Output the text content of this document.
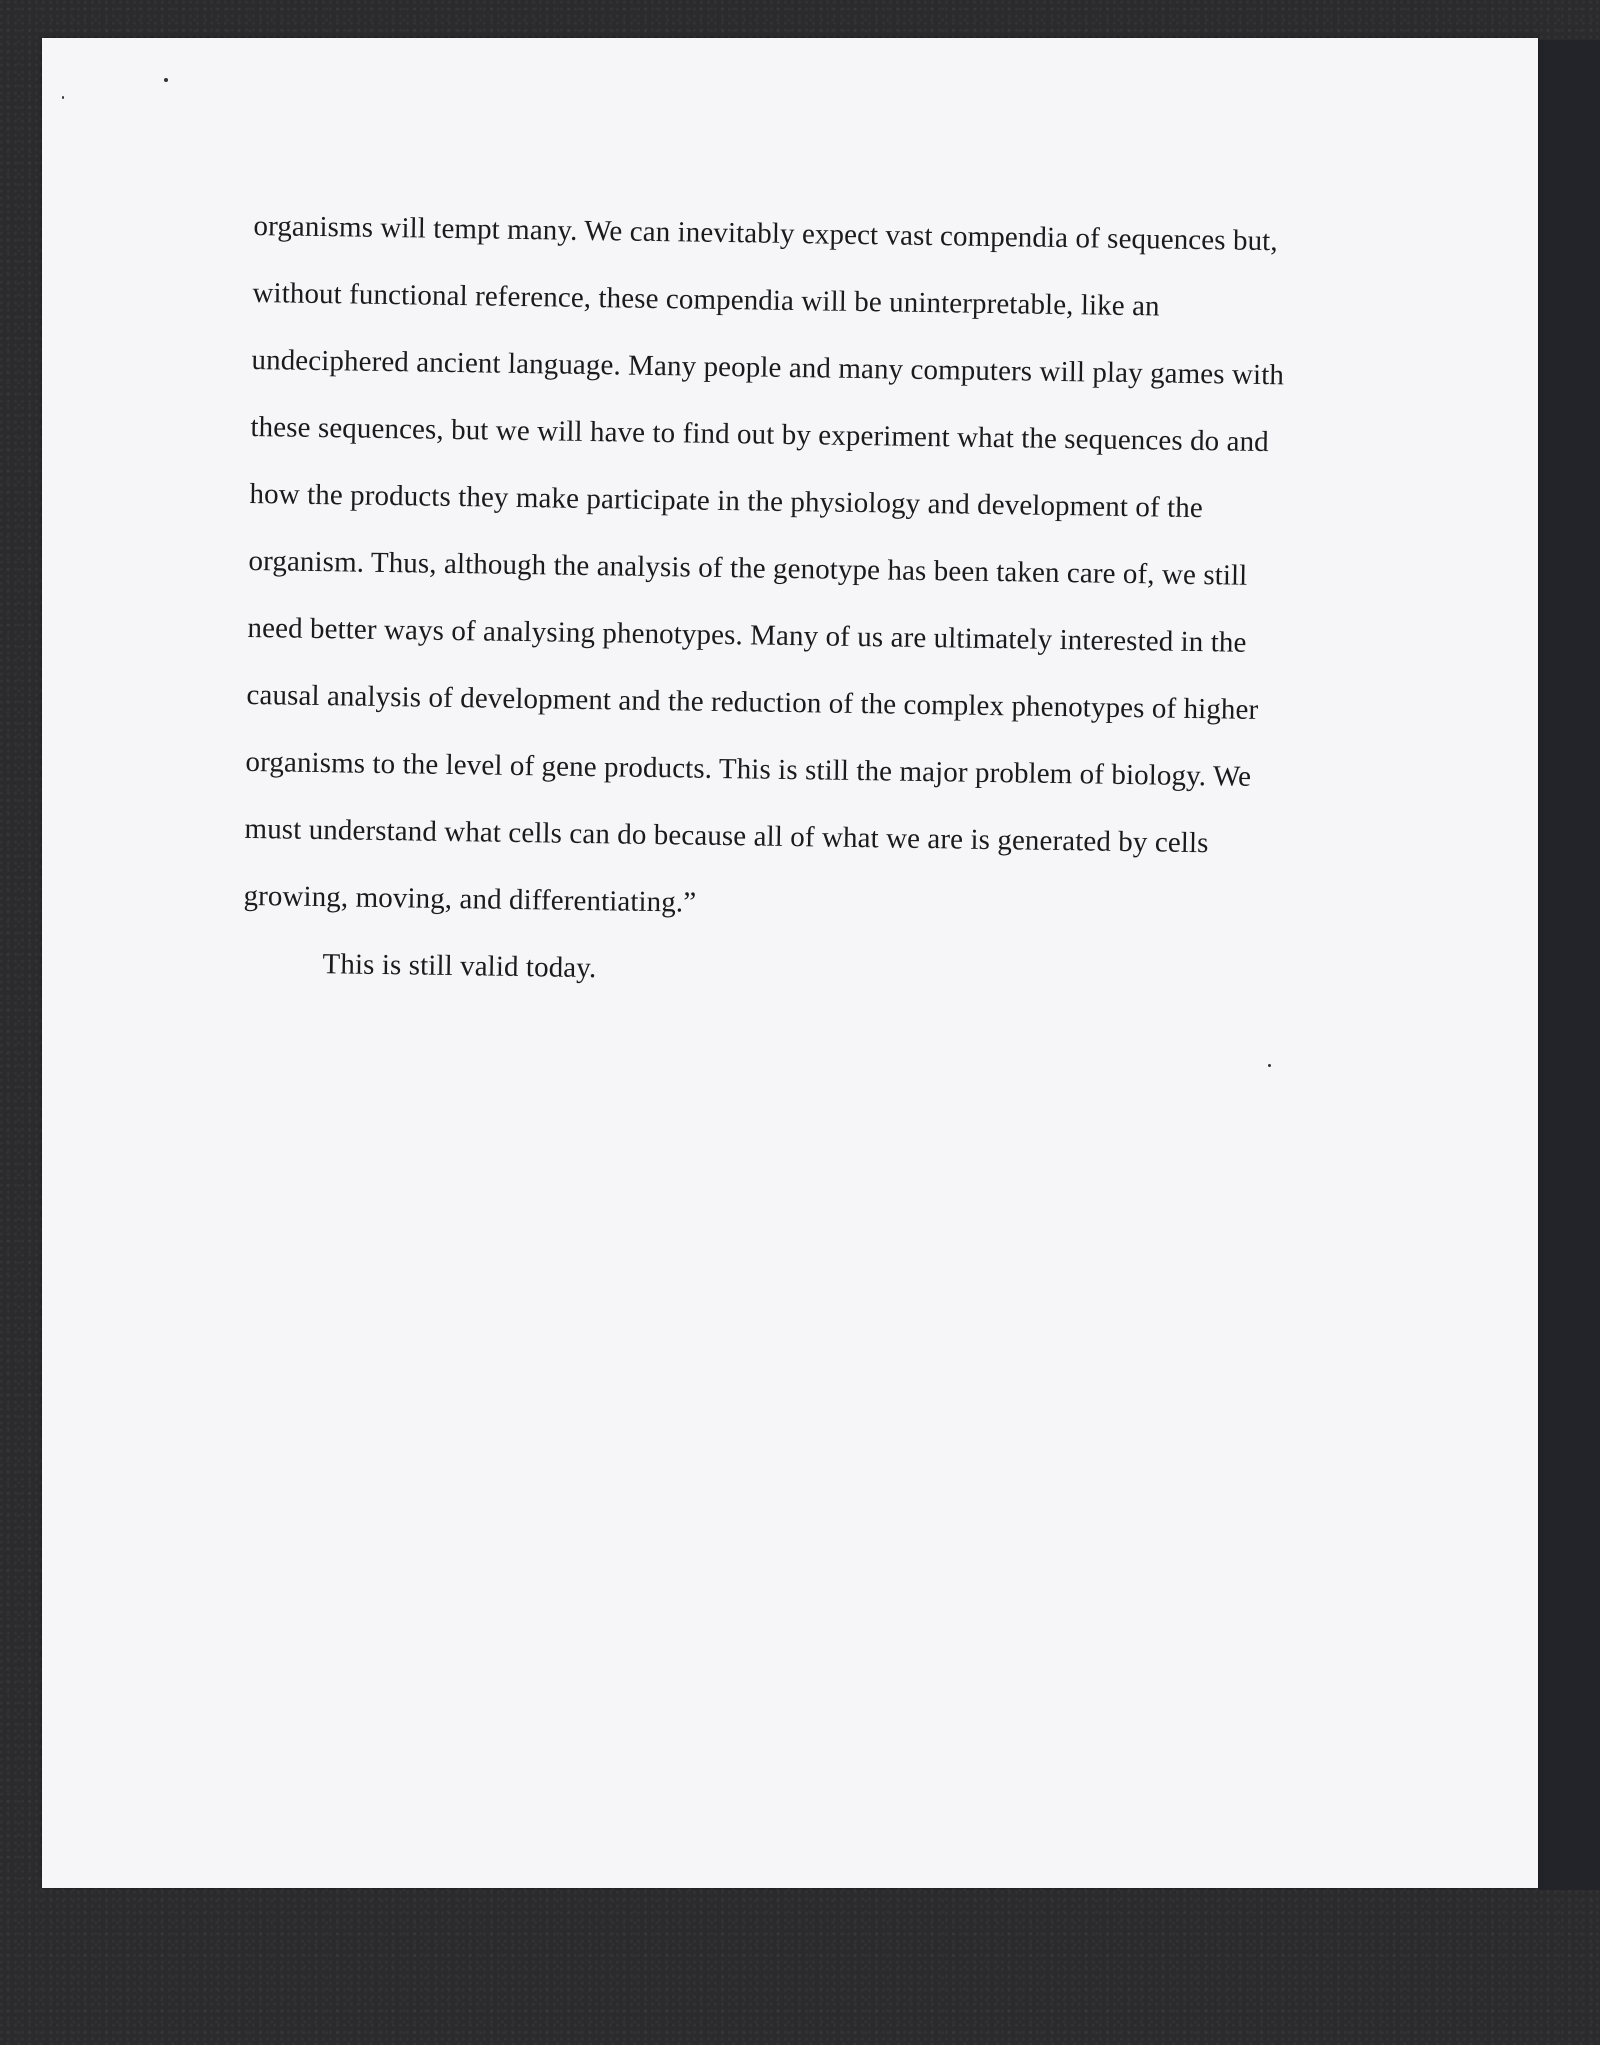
organisms will tempt many. We can inevitably expect vast compendia of sequences but,
without functional reference, these compendia will be uninterpretable, like an
undeciphered ancient language. Many people and many computers will play games with
these sequences, but we will have to find out by experiment what the sequences do and
how the products they make participate in the physiology and development of the
organism. Thus, although the analysis of the genotype has been taken care of, we still
need better ways of analysing phenotypes. Many of us are ultimately interested in the
causal analysis of development and the reduction of the complex phenotypes of higher
organisms to the level of gene products. This is still the major problem of biology. We
must understand what cells can do because all of what we are is generated by cells
growing, moving, and differentiating.”
This is still valid today.
